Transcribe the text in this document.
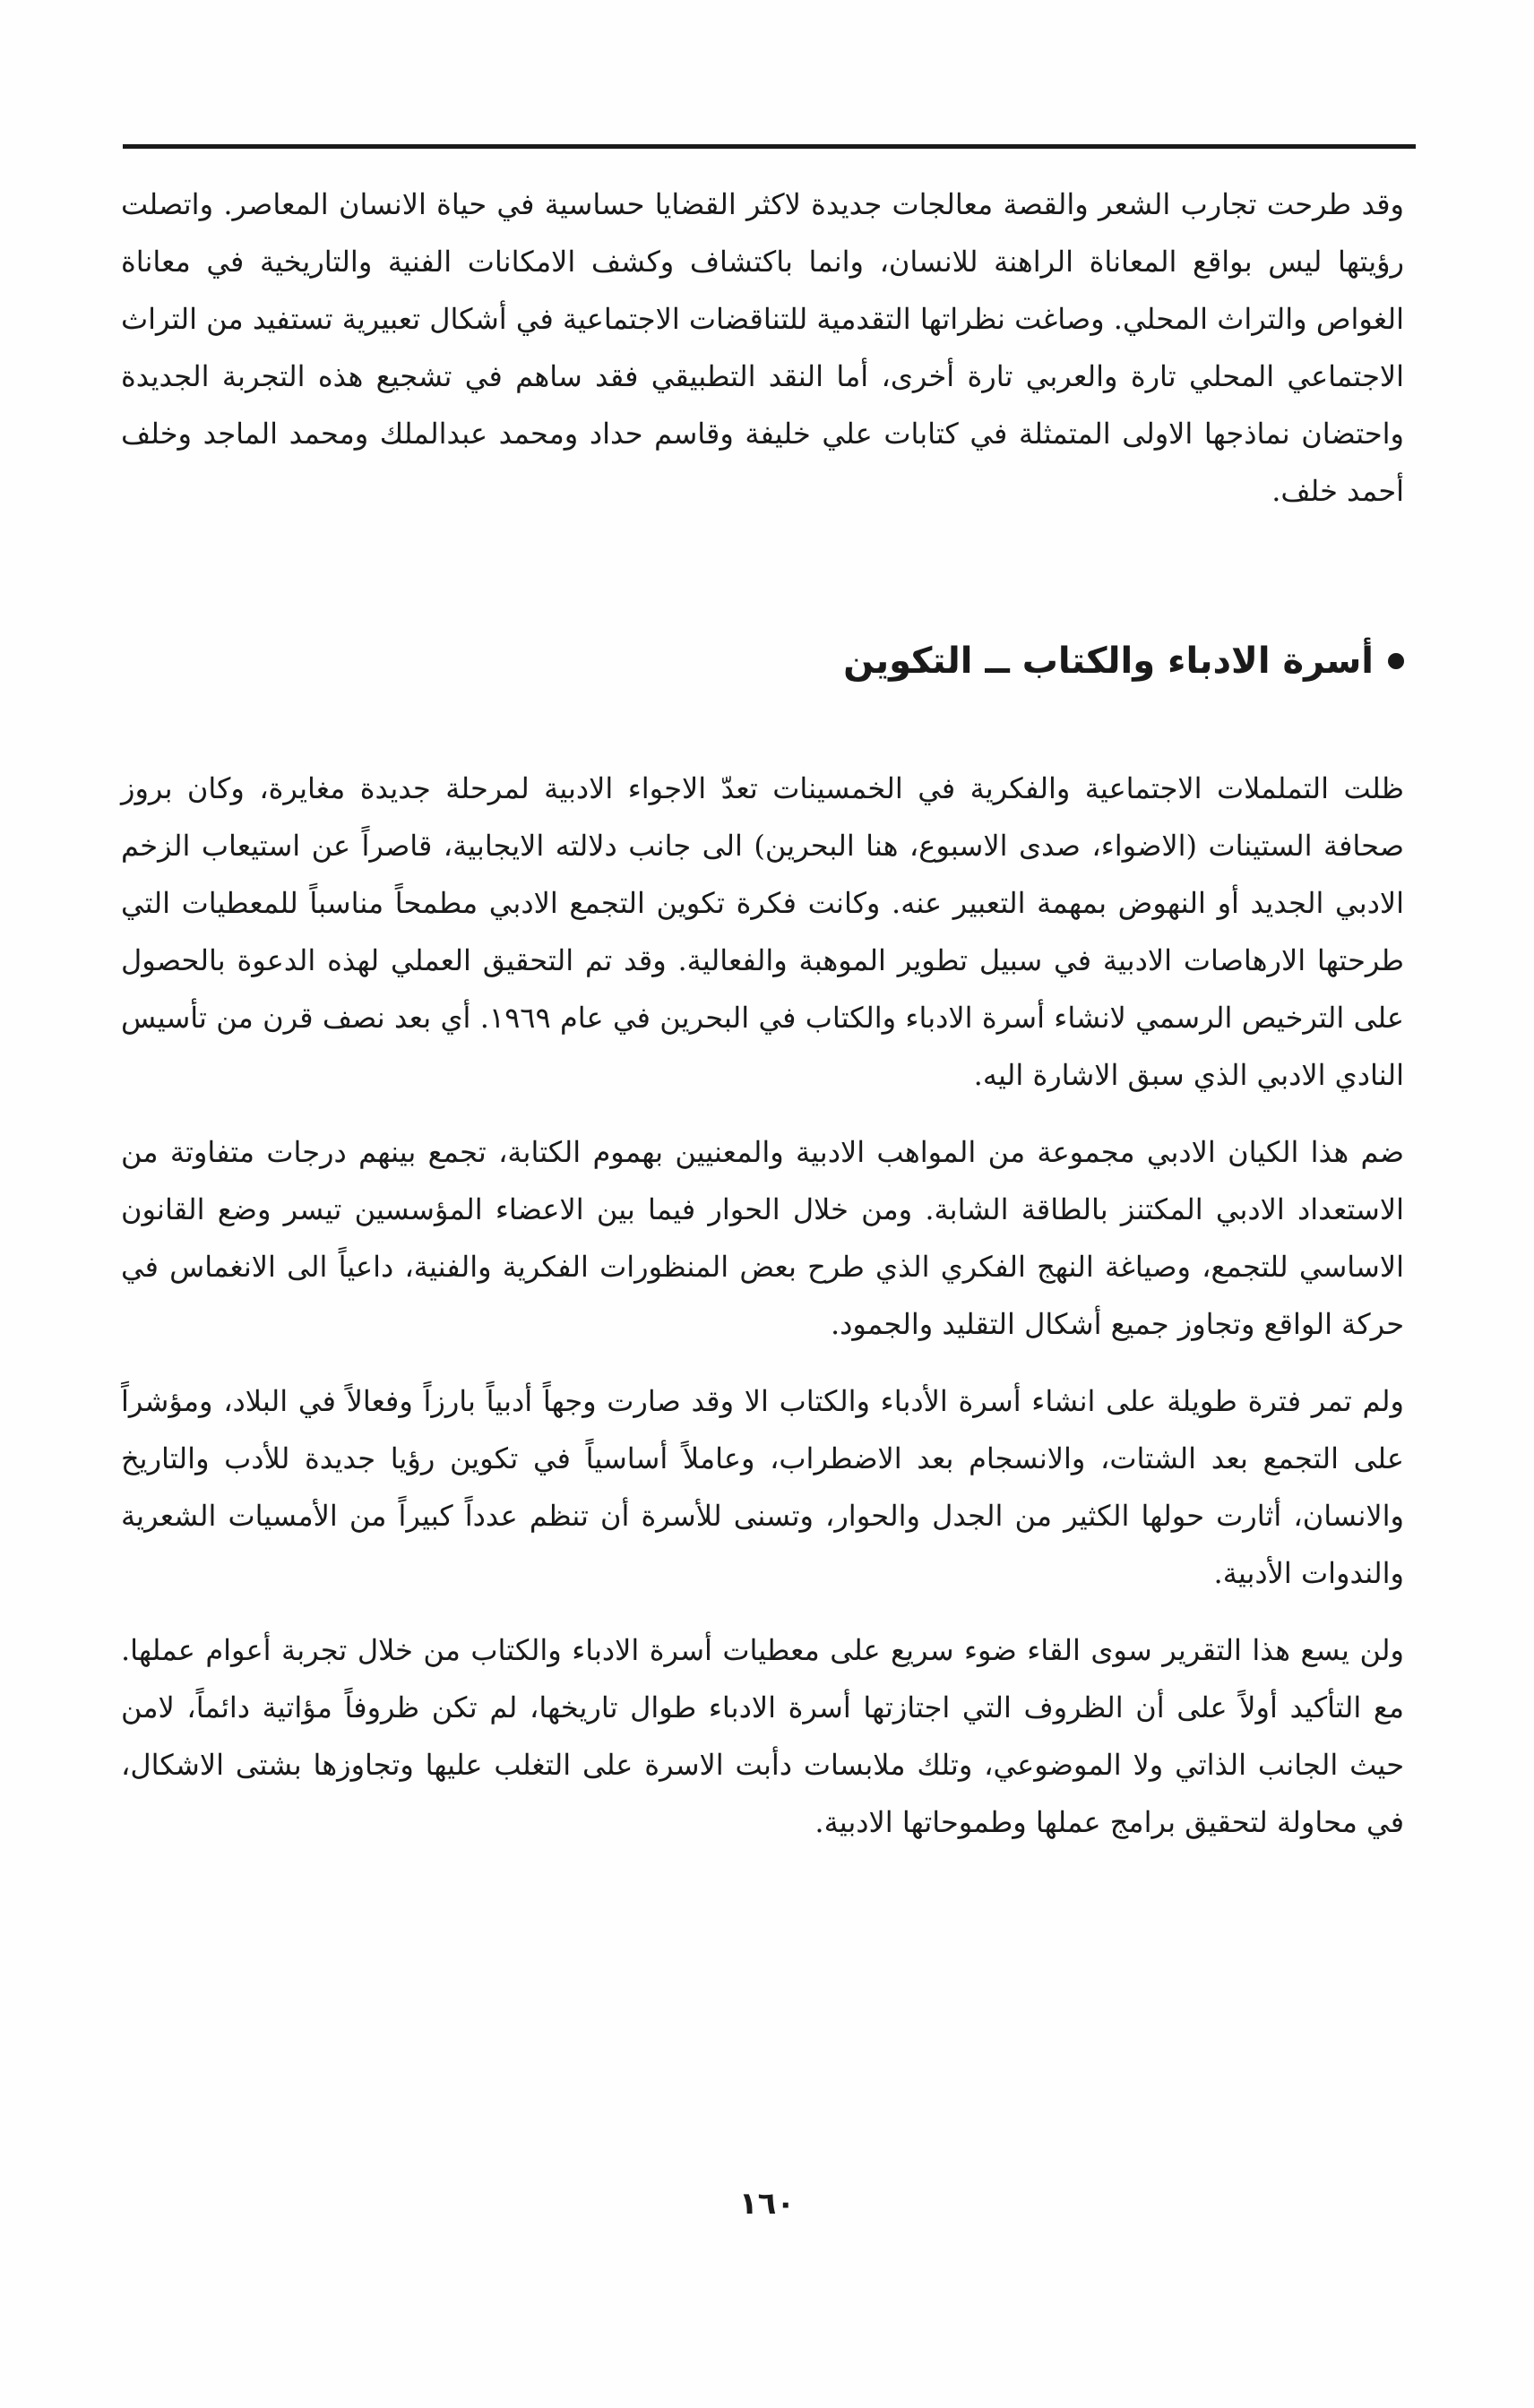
وقد طرحت تجارب الشعر والقصة معالجات جديدة لاكثر القضايا حساسية في حياة الانسان المعاصر. واتصلت رؤيتها ليس بواقع المعاناة الراهنة للانسان، وانما باكتشاف وكشف الامكانات الفنية والتاريخية في معاناة الغواص والتراث المحلي. وصاغت نظراتها التقدمية للتناقضات الاجتماعية في أشكال تعبيرية تستفيد من التراث الاجتماعي المحلي تارة والعربي تارة أخرى، أما النقد التطبيقي فقد ساهم في تشجيع هذه التجربة الجديدة واحتضان نماذجها الاولى المتمثلة في كتابات علي خليفة وقاسم حداد ومحمد عبدالملك ومحمد الماجد وخلف أحمد خلف.

أسرة الادباء والكتاب ــ التكوين

ظلت التململات الاجتماعية والفكرية في الخمسينات تعدّ الاجواء الادبية لمرحلة جديدة مغايرة، وكان بروز صحافة الستينات (الاضواء، صدى الاسبوع، هنا البحرين) الى جانب دلالته الايجابية، قاصراً عن استيعاب الزخم الادبي الجديد أو النهوض بمهمة التعبير عنه. وكانت فكرة تكوين التجمع الادبي مطمحاً مناسباً للمعطيات التي طرحتها الارهاصات الادبية في سبيل تطوير الموهبة والفعالية. وقد تم التحقيق العملي لهذه الدعوة بالحصول على الترخيص الرسمي لانشاء أسرة الادباء والكتاب في البحرين في عام ١٩٦٩. أي بعد نصف قرن من تأسيس النادي الادبي الذي سبق الاشارة اليه.

ضم هذا الكيان الادبي مجموعة من المواهب الادبية والمعنيين بهموم الكتابة، تجمع بينهم درجات متفاوتة من الاستعداد الادبي المكتنز بالطاقة الشابة. ومن خلال الحوار فيما بين الاعضاء المؤسسين تيسر وضع القانون الاساسي للتجمع، وصياغة النهج الفكري الذي طرح بعض المنظورات الفكرية والفنية، داعياً الى الانغماس في حركة الواقع وتجاوز جميع أشكال التقليد والجمود.

ولم تمر فترة طويلة على انشاء أسرة الأدباء والكتاب الا وقد صارت وجهاً أدبياً بارزاً وفعالاً في البلاد، ومؤشراً على التجمع بعد الشتات، والانسجام بعد الاضطراب، وعاملاً أساسياً في تكوين رؤيا جديدة للأدب والتاريخ والانسان، أثارت حولها الكثير من الجدل والحوار، وتسنى للأسرة أن تنظم عدداً كبيراً من الأمسيات الشعرية والندوات الأدبية.

ولن يسع هذا التقرير سوى القاء ضوء سريع على معطيات أسرة الادباء والكتاب من خلال تجربة أعوام عملها. مع التأكيد أولاً على أن الظروف التي اجتازتها أسرة الادباء طوال تاريخها، لم تكن ظروفاً مؤاتية دائماً، لامن حيث الجانب الذاتي ولا الموضوعي، وتلك ملابسات دأبت الاسرة على التغلب عليها وتجاوزها بشتى الاشكال، في محاولة لتحقيق برامج عملها وطموحاتها الادبية.

١٦٠
